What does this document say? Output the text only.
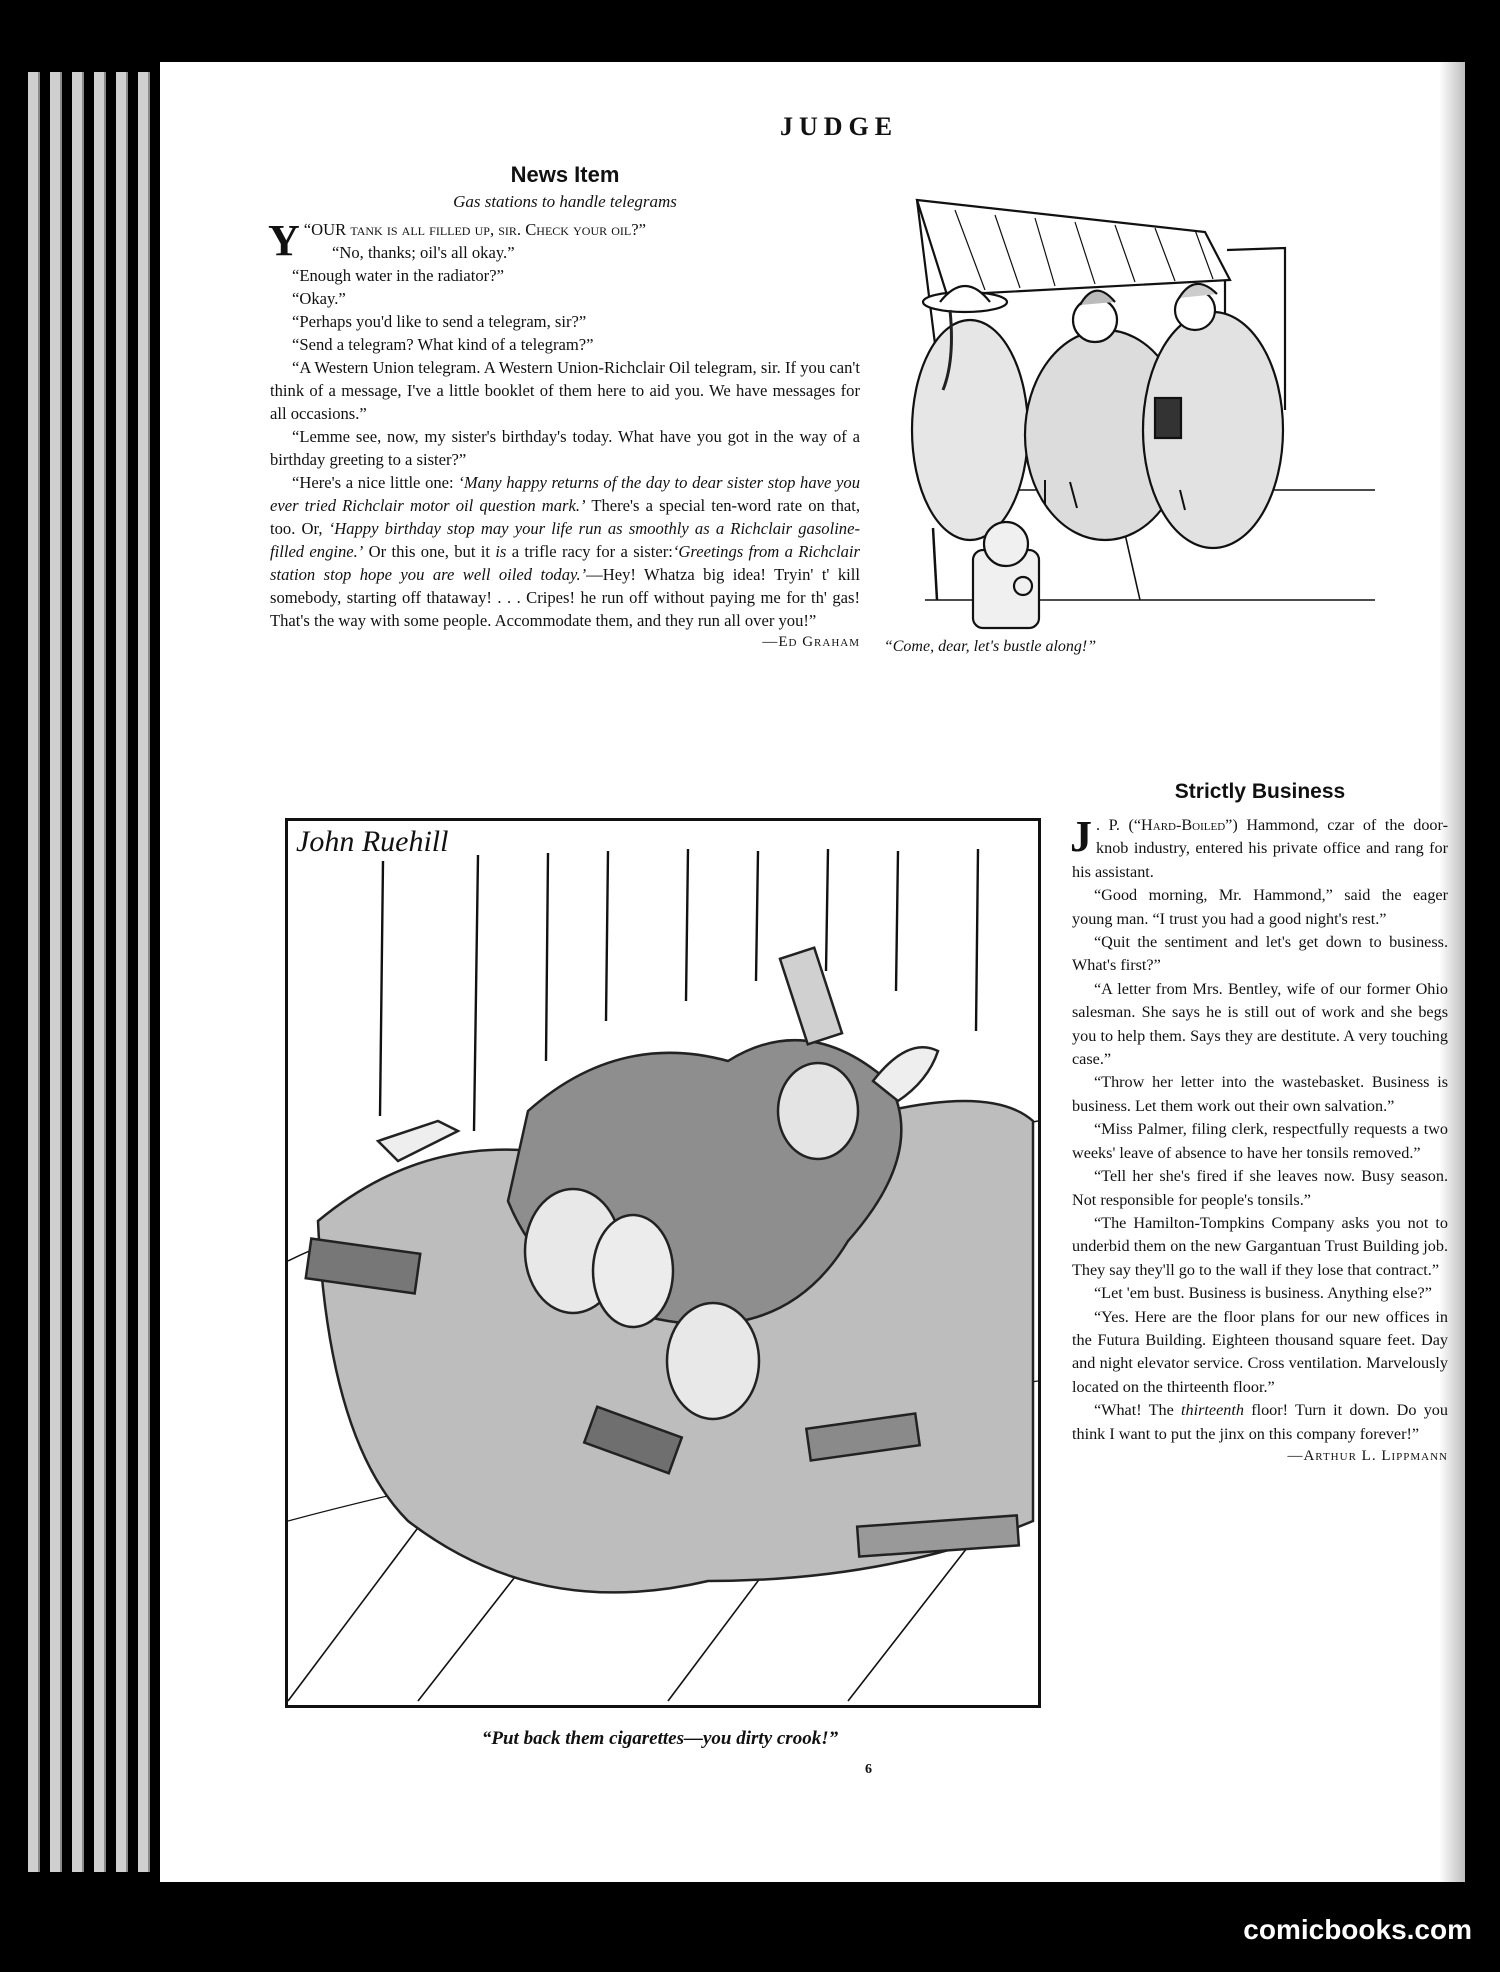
JUDGE
News Item
Gas stations to handle telegrams

“
Y OUR tank is all filled up, sir. Check your oil?”

“No, thanks; oil's all okay.”

“Enough water in the radiator?”

“Okay.”

“Perhaps you'd like to send a telegram, sir?”

“Send a telegram? What kind of a telegram?”

“A Western Union telegram. A Western Union-Richclair Oil telegram, sir. If you can't think of a message, I've a little booklet of them here to aid you. We have messages for all occasions.”

“Lemme see, now, my sister's birthday's today. What have you got in the way of a birthday greeting to a sister?”

“Here's a nice little one: ‘Many happy returns of the day to dear sister stop have you ever tried Richclair motor oil question mark.’ There's a special ten-word rate on that, too. Or, ‘Happy birthday stop may your life run as smoothly as a Richclair gasoline-filled engine.’ Or this one, but it is a trifle racy for a sister:‘Greetings from a Richclair station stop hope you are well oiled today.’—Hey! Whatza big idea! Tryin' t' kill somebody, starting off thataway! . . . Cripes! he run off without paying me for th' gas! That's the way with some people. Accommodate them, and they run all over you!”

—Ed Graham	“Come, dear, let's bustle along!”
John Ruehill
“Put back them cigarettes—you dirty crook!”
6
Strictly Business

J . P. (“Hard-Boiled”) Hammond, czar of the door-knob industry, entered his private office and rang for his assistant.

“Good morning, Mr. Hammond,” said the eager young man. “I trust you had a good night's rest.”

“Quit the sentiment and let's get down to business. What's first?”

“A letter from Mrs. Bentley, wife of our former Ohio salesman. She says he is still out of work and she begs you to help them. Says they are destitute. A very touching case.”

“Throw her letter into the wastebasket. Business is business. Let them work out their own salvation.”

“Miss Palmer, filing clerk, respectfully requests a two weeks' leave of absence to have her tonsils removed.”

“Tell her she's fired if she leaves now. Busy season. Not responsible for people's tonsils.”

“The Hamilton-Tompkins Company asks you not to underbid them on the new Gargantuan Trust Building job. They say they'll go to the wall if they lose that contract.”

“Let 'em bust. Business is business. Anything else?”

“Yes. Here are the floor plans for our new offices in the Futura Building. Eighteen thousand square feet. Day and night elevator service. Cross ventilation. Marvelously located on the thirteenth floor.”

“What! The thirteenth floor! Turn it down. Do you think I want to put the jinx on this company forever!”

—Arthur L. Lippmann
comicbooks.com
